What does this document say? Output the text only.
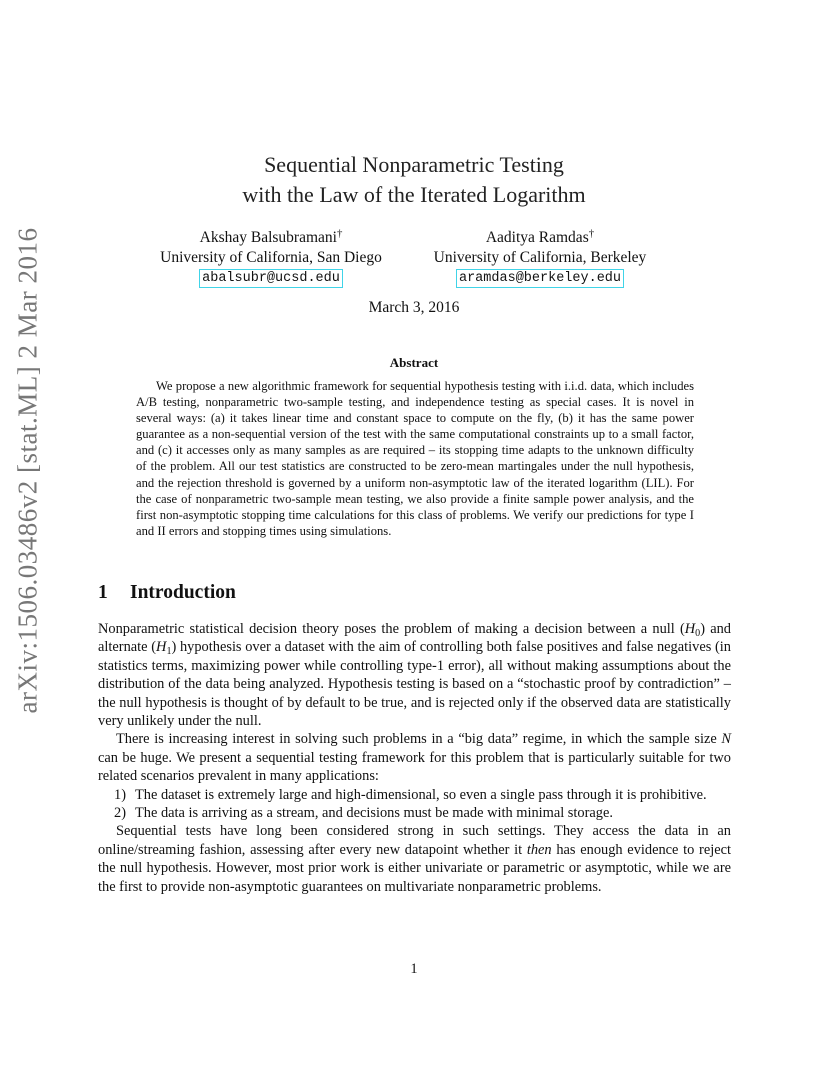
arXiv:1506.03486v2 [stat.ML] 2 Mar 2016
Sequential Nonparametric Testing
with the Law of the Iterated Logarithm
Akshay Balsubramani†
University of California, San Diego
abalsubr@ucsd.edu
Aaditya Ramdas†
University of California, Berkeley
aramdas@berkeley.edu
March 3, 2016
Abstract

We propose a new algorithmic framework for sequential hypothesis testing with i.i.d. data, which includes A/B testing, nonparametric two-sample testing, and independence testing as special cases. It is novel in several ways: (a) it takes linear time and constant space to compute on the fly, (b) it has the same power guarantee as a non-sequential version of the test with the same computational constraints up to a small factor, and (c) it accesses only as many samples as are required – its stopping time adapts to the unknown difficulty of the problem. All our test statistics are constructed to be zero-mean martingales under the null hypothesis, and the rejection threshold is governed by a uniform non-asymptotic law of the iterated logarithm (LIL). For the case of nonparametric two-sample mean testing, we also provide a finite sample power analysis, and the first non-asymptotic stopping time calculations for this class of problems. We verify our predictions for type I and II errors and stopping times using simulations.

1 Introduction

Nonparametric statistical decision theory poses the problem of making a decision between a null $(H_0)$ and alternate $(H_1)$ hypothesis over a dataset with the aim of controlling both false positives and false negatives (in statistics terms, maximizing power while controlling type-1 error), all without making assumptions about the distribution of the data being analyzed. Hypothesis testing is based on a “stochastic proof by contradiction” – the null hypothesis is thought of by default to be true, and is rejected only if the observed data are statistically very unlikely under the null.

There is increasing interest in solving such problems in a “big data” regime, in which the sample size N can be huge. We present a sequential testing framework for this problem that is particularly suitable for two related scenarios prevalent in many applications:

1) The dataset is extremely large and high-dimensional, so even a single pass through it is prohibitive.
2) The data is arriving as a stream, and decisions must be made with minimal storage.

Sequential tests have long been considered strong in such settings. They access the data in an online/streaming fashion, assessing after every new datapoint whether it then has enough evidence to reject the null hypothesis. However, most prior work is either univariate or parametric or asymptotic, while we are the first to provide non-asymptotic guarantees on multivariate nonparametric problems.

1
